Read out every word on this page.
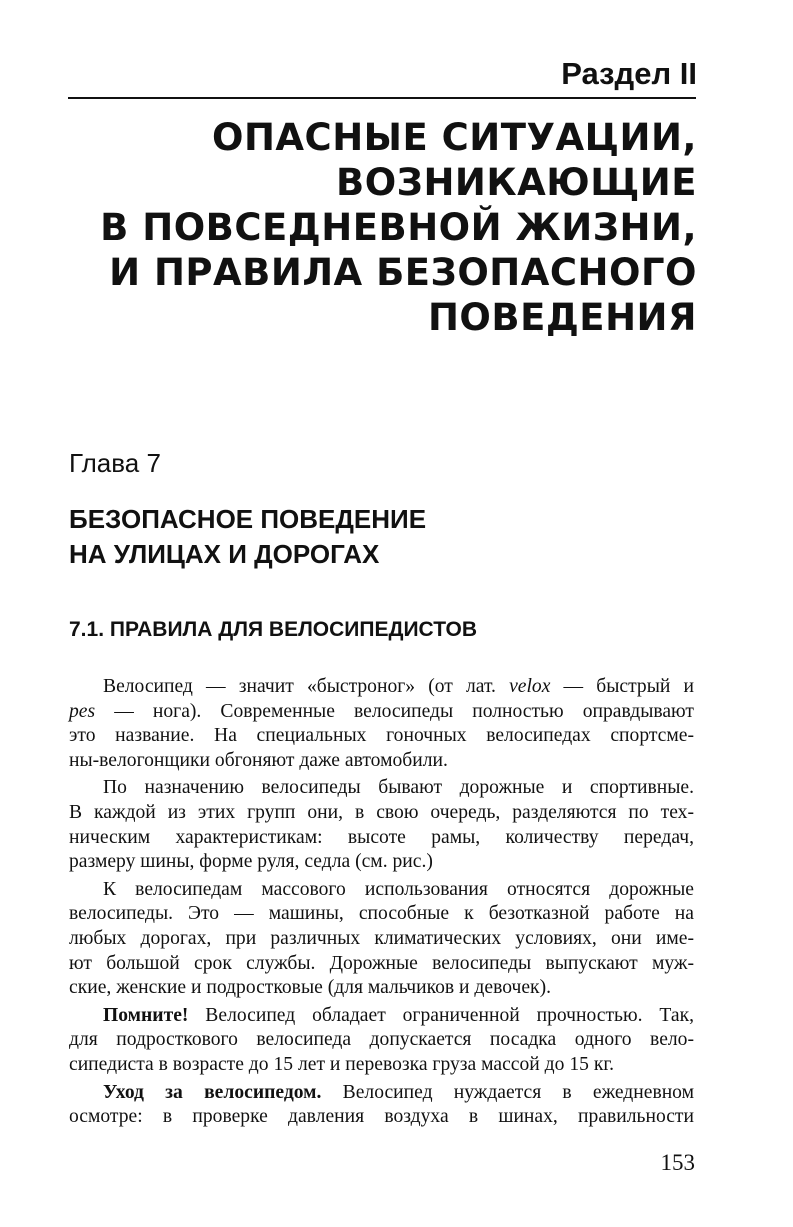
Раздел II
ОПАСНЫЕ СИТУАЦИИ,
ВОЗНИКАЮЩИЕ
В ПОВСЕДНЕВНОЙ ЖИЗНИ,
И ПРАВИЛА БЕЗОПАСНОГО
ПОВЕДЕНИЯ
Глава 7
БЕЗОПАСНОЕ ПОВЕДЕНИЕ
НА УЛИЦАХ И ДОРОГАХ
7.1. ПРАВИЛА ДЛЯ ВЕЛОСИПЕДИСТОВ
Велосипед — значит «быстроног» (от лат. velox — быстрый и
pes — нога). Современные велосипеды полностью оправдывают
это название. На специальных гоночных велосипедах спортсме-
ны-велогонщики обгоняют даже автомобили.
По назначению велосипеды бывают дорожные и спортивные.
В каждой из этих групп они, в свою очередь, разделяются по тех-
ническим характеристикам: высоте рамы, количеству передач,
размеру шины, форме руля, седла (см. рис.)
К велосипедам массового использования относятся дорожные
велосипеды. Это — машины, способные к безотказной работе на
любых дорогах, при различных климатических условиях, они име-
ют большой срок службы. Дорожные велосипеды выпускают муж-
ские, женские и подростковые (для мальчиков и девочек).
Помните! Велосипед обладает ограниченной прочностью. Так,
для подросткового велосипеда допускается посадка одного вело-
сипедиста в возрасте до 15 лет и перевозка груза массой до 15 кг.
Уход за велосипедом. Велосипед нуждается в ежедневном
осмотре: в проверке давления воздуха в шинах, правильности
153
